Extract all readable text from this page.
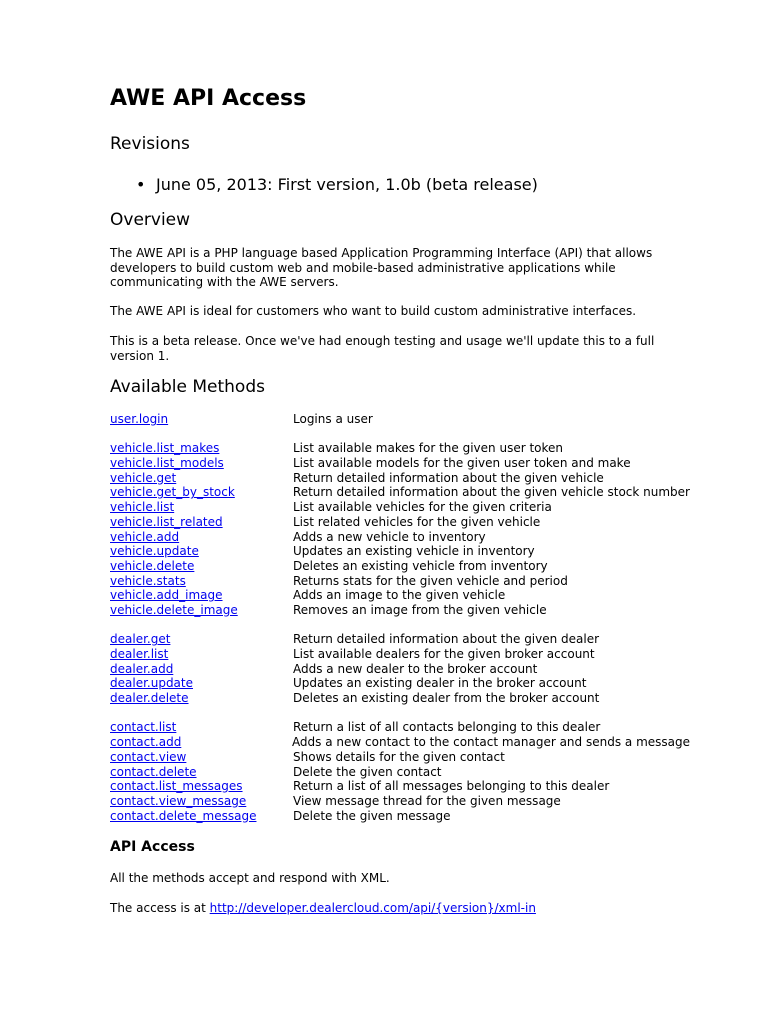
AWE API Access
Revisions
• June 05, 2013: First version, 1.0b (beta release)
Overview

The AWE API is a PHP language based Application Programming Interface (API) that allows developers to build custom web and mobile-based administrative applications while communicating with the AWE servers.

The AWE API is ideal for customers who want to build custom administrative interfaces.

This is a beta release. Once we've had enough testing and usage we'll update this to a full version 1.

Available Methods
user.login	Logins a user
vehicle.list_makes	List available makes for the given user token
vehicle.list_models	List available models for the given user token and make
vehicle.get	Return detailed information about the given vehicle
vehicle.get_by_stock	Return detailed information about the given vehicle stock number
vehicle.list	List available vehicles for the given criteria
vehicle.list_related	List related vehicles for the given vehicle
vehicle.add	Adds a new vehicle to inventory
vehicle.update	Updates an existing vehicle in inventory
vehicle.delete	Deletes an existing vehicle from inventory
vehicle.stats	Returns stats for the given vehicle and period
vehicle.add_image	Adds an image to the given vehicle
vehicle.delete_image	Removes an image from the given vehicle
dealer.get	Return detailed information about the given dealer
dealer.list	List available dealers for the given broker account
dealer.add	Adds a new dealer to the broker account
dealer.update	Updates an existing dealer in the broker account
dealer.delete	Deletes an existing dealer from the broker account
contact.list	Return a list of all contacts belonging to this dealer
contact.add	Adds a new contact to the contact manager and sends a message
contact.view	Shows details for the given contact
contact.delete	Delete the given contact
contact.list_messages	Return a list of all messages belonging to this dealer
contact.view_message	View message thread for the given message
contact.delete_message	Delete the given message
API Access

All the methods accept and respond with XML.

The access is at http://developer.dealercloud.com/api/{version}/xml-in
